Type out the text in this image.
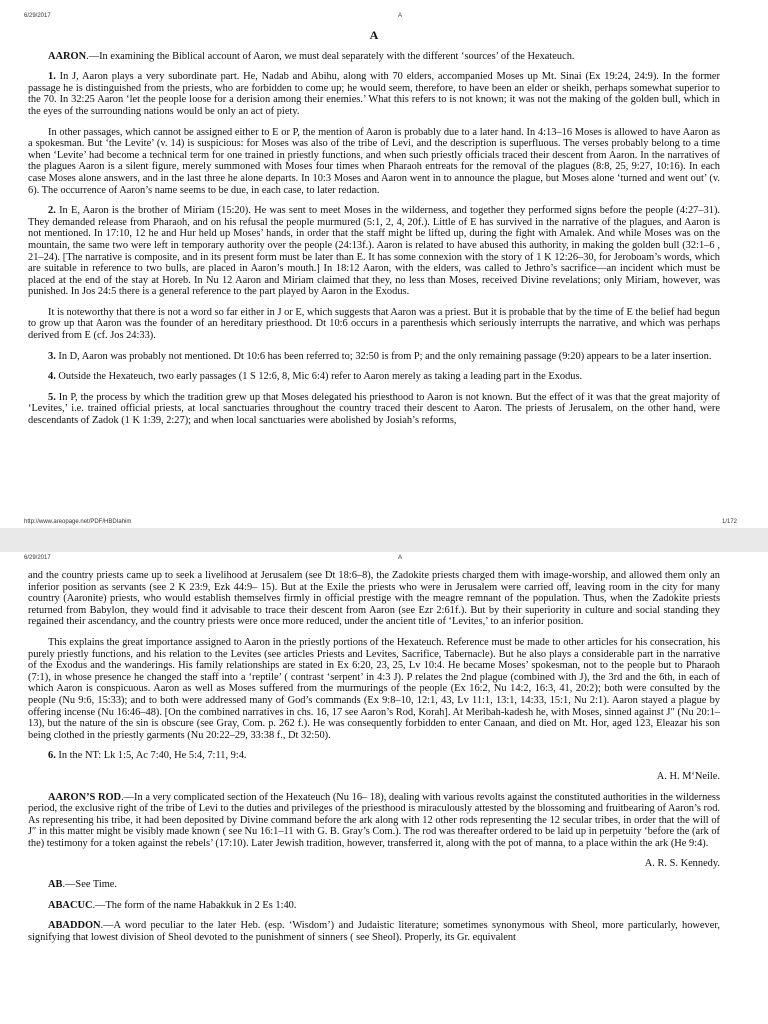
6/29/2017	A
A

AARON.—In examining the Biblical account of Aaron, we must deal separately with the different ‘sources’ of the Hexateuch.

1. In J, Aaron plays a very subordinate part. He, Nadab and Abihu, along with 70 elders, accompanied Moses up Mt. Sinai (Ex 19:24, 24:9). In the former passage he is distinguished from the priests, who are forbidden to come up; he would seem, therefore, to have been an elder or sheikh, perhaps somewhat superior to the 70. In 32:25 Aaron ‘let the people loose for a derision among their enemies.’ What this refers to is not known; it was not the making of the golden bull, which in the eyes of the surrounding nations would be only an act of piety.

In other passages, which cannot be assigned either to E or P, the mention of Aaron is probably due to a later hand. In 4:13–16 Moses is allowed to have Aaron as a spokesman. But ‘the Levite’ (v. 14) is suspicious: for Moses was also of the tribe of Levi, and the description is superfluous. The verses probably belong to a time when ‘Levite’ had become a technical term for one trained in priestly functions, and when such priestly officials traced their descent from Aaron. In the narratives of the plagues Aaron is a silent figure, merely summoned with Moses four times when Pharaoh entreats for the removal of the plagues (8:8, 25, 9:27, 10:16). In each case Moses alone answers, and in the last three he alone departs. In 10:3 Moses and Aaron went in to announce the plague, but Moses alone ‘turned and went out’ (v. 6). The occurrence of Aaron’s name seems to be due, in each case, to later redaction.

2. In E, Aaron is the brother of Miriam (15:20). He was sent to meet Moses in the wilderness, and together they performed signs before the people (4:27–31). They demanded release from Pharaoh, and on his refusal the people murmured (5:1, 2, 4, 20f.). Little of E has survived in the narrative of the plagues, and Aaron is not mentioned. In 17:10, 12 he and Hur held up Moses’ hands, in order that the staff might be lifted up, during the fight with Amalek. And while Moses was on the mountain, the same two were left in temporary authority over the people (24:13f.). Aaron is related to have abused this authority, in making the golden bull (32:1–6 , 21–24). [The narrative is composite, and in its present form must be later than E. It has some connexion with the story of 1 K 12:26–30, for Jeroboam’s words, which are suitable in reference to two bulls, are placed in Aaron’s mouth.] In 18:12 Aaron, with the elders, was called to Jethro’s sacrifice—an incident which must be placed at the end of the stay at Horeb. In Nu 12 Aaron and Miriam claimed that they, no less than Moses, received Divine revelations; only Miriam, however, was punished. In Jos 24:5 there is a general reference to the part played by Aaron in the Exodus.

It is noteworthy that there is not a word so far either in J or E, which suggests that Aaron was a priest. But it is probable that by the time of E the belief had begun to grow up that Aaron was the founder of an hereditary priesthood. Dt 10:6 occurs in a parenthesis which seriously interrupts the narrative, and which was perhaps derived from E (cf. Jos 24:33).

3. In D, Aaron was probably not mentioned. Dt 10:6 has been referred to; 32:50 is from P; and the only remaining passage (9:20) appears to be a later insertion.

4. Outside the Hexateuch, two early passages (1 S 12:6, 8, Mic 6:4) refer to Aaron merely as taking a leading part in the Exodus.

5. In P, the process by which the tradition grew up that Moses delegated his priesthood to Aaron is not known. But the effect of it was that the great majority of ‘Levites,’ i.e. trained official priests, at local sanctuaries throughout the country traced their descent to Aaron. The priests of Jerusalem, on the other hand, were descendants of Zadok (1 K 1:39, 2:27); and when local sanctuaries were abolished by Josiah’s reforms,

http://www.areopage.net/PDF/HBDIahim	1/172
6/29/2017	A

and the country priests came up to seek a livelihood at Jerusalem (see Dt 18:6–8), the Zadokite priests charged them with image-worship, and allowed them only an inferior position as servants (see 2 K 23:9, Ezk 44:9– 15). But at the Exile the priests who were in Jerusalem were carried off, leaving room in the city for many country (Aaronite) priests, who would establish themselves firmly in official prestige with the meagre remnant of the population. Thus, when the Zadokite priests returned from Babylon, they would find it advisable to trace their descent from Aaron (see Ezr 2:61f.). But by their superiority in culture and social standing they regained their ascendancy, and the country priests were once more reduced, under the ancient title of ‘Levites,’ to an inferior position.

This explains the great importance assigned to Aaron in the priestly portions of the Hexateuch. Reference must be made to other articles for his consecration, his purely priestly functions, and his relation to the Levites (see articles Priests and Levites, Sacrifice, Tabernacle). But he also plays a considerable part in the narrative of the Exodus and the wanderings. His family relationships are stated in Ex 6:20, 23, 25, Lv 10:4. He became Moses’ spokesman, not to the people but to Pharaoh (7:1), in whose presence he changed the staff into a ‘reptile’ ( contrast ‘serpent’ in 4:3 J). P relates the 2nd plague (combined with J), the 3rd and the 6th, in each of which Aaron is conspicuous. Aaron as well as Moses suffered from the murmurings of the people (Ex 16:2, Nu 14:2, 16:3, 41, 20:2); both were consulted by the people (Nu 9:6, 15:33); and to both were addressed many of God’s commands (Ex 9:8–10, 12:1, 43, Lv 11:1, 13:1, 14:33, 15:1, Nu 2:1). Aaron stayed a plague by offering incense (Nu 16:46–48). [On the combined narratives in chs. 16, 17 see Aaron’s Rod, Korah]. At Meribah-kadesh he, with Moses, sinned against J″ (Nu 20:1–13), but the nature of the sin is obscure (see Gray, Com. p. 262 f.). He was consequently forbidden to enter Canaan, and died on Mt. Hor, aged 123, Eleazar his son being clothed in the priestly garments (Nu 20:22–29, 33:38 f., Dt 32:50).

6. In the NT: Lk 1:5, Ac 7:40, He 5:4, 7:11, 9:4.

A. H. M‘Neile.

AARON’S ROD.—In a very complicated section of the Hexateuch (Nu 16– 18), dealing with various revolts against the constituted authorities in the wilderness period, the exclusive right of the tribe of Levi to the duties and privileges of the priesthood is miraculously attested by the blossoming and fruitbearing of Aaron’s rod. As representing his tribe, it had been deposited by Divine command before the ark along with 12 other rods representing the 12 secular tribes, in order that the will of J″ in this matter might be visibly made known ( see Nu 16:1–11 with G. B. Gray’s Com.). The rod was thereafter ordered to be laid up in perpetuity ‘before the (ark of the) testimony for a token against the rebels’ (17:10). Later Jewish tradition, however, transferred it, along with the pot of manna, to a place within the ark (He 9:4).

A. R. S. Kennedy.

AB.—See Time.

ABACUC.—The form of the name Habakkuk in 2 Es 1:40.

ABADDON.—A word peculiar to the later Heb. (esp. ‘Wisdom’) and Judaistic literature; sometimes synonymous with Sheol, more particularly, however, signifying that lowest division of Sheol devoted to the punishment of sinners ( see Sheol). Properly, its Gr. equivalent
